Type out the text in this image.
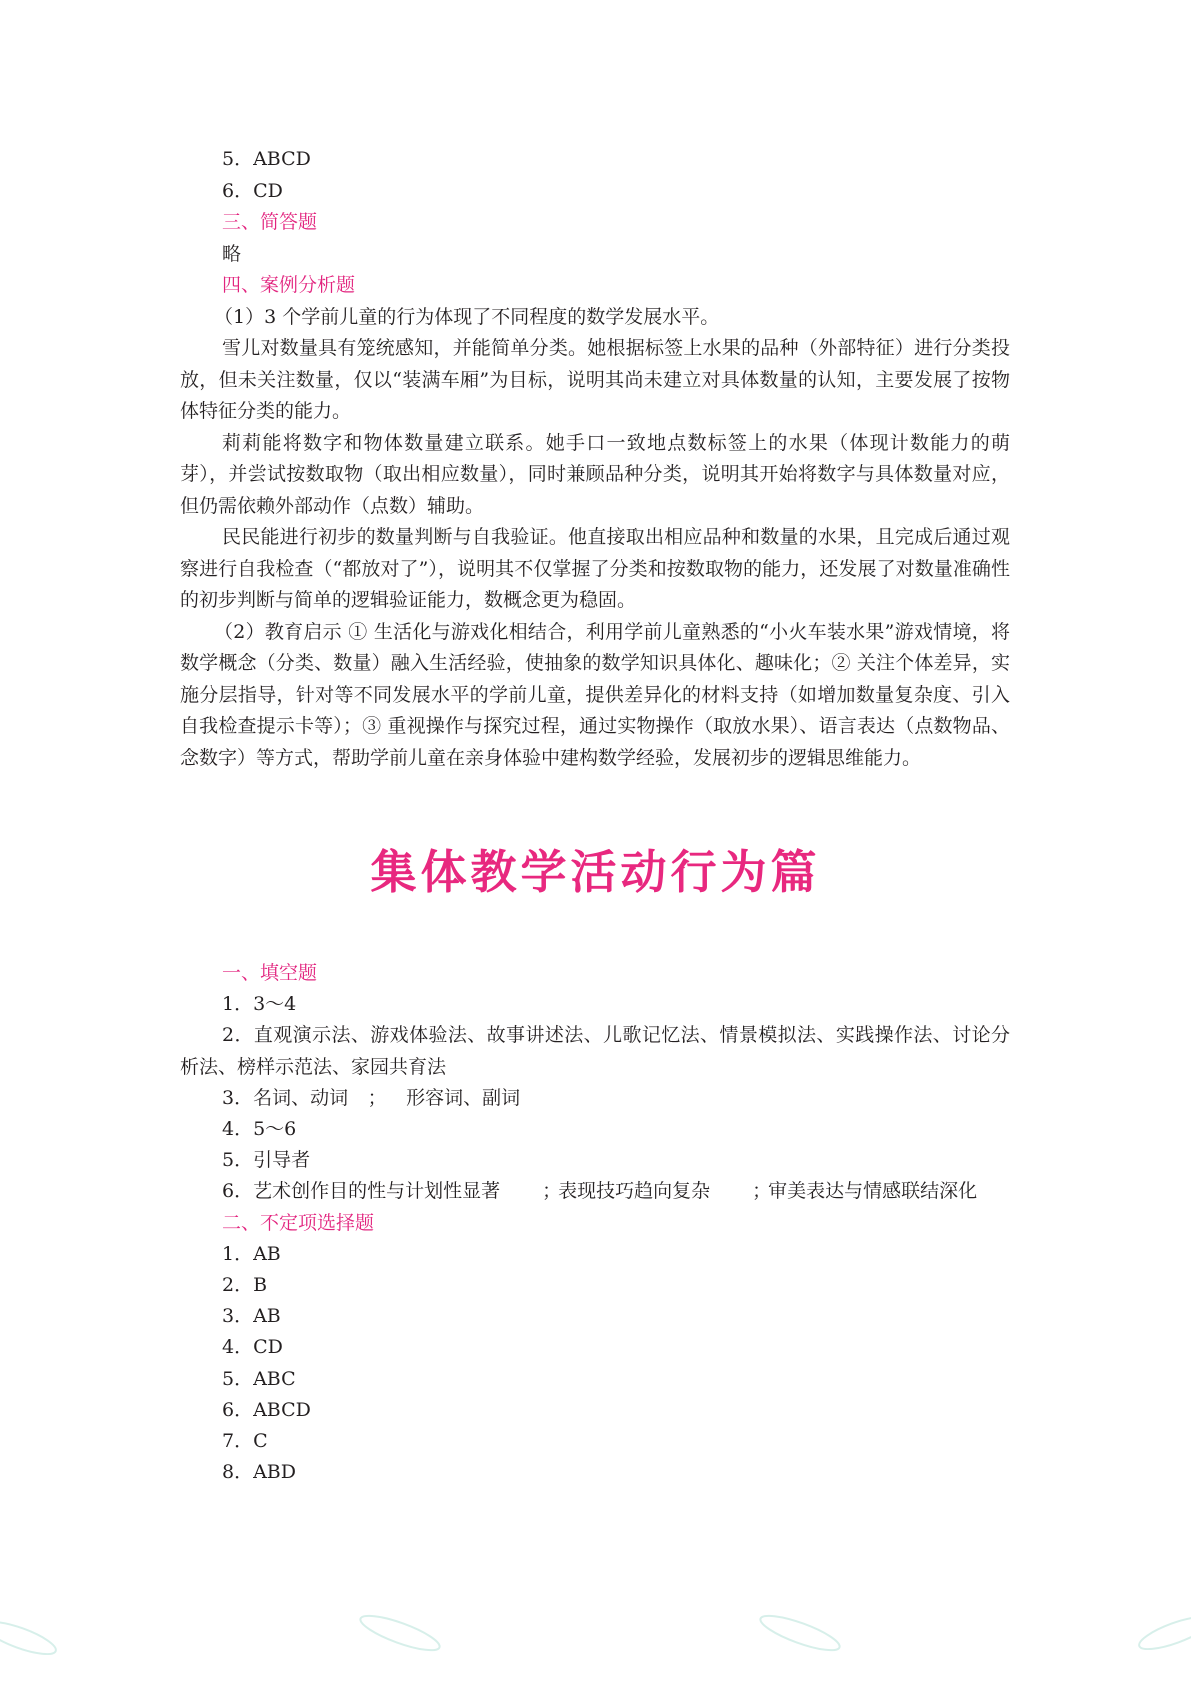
5．ABCD
6．CD
三、简答题
略
四、案例分析题
（1）3 个学前儿童的行为体现了不同程度的数学发展水平。
雪儿对数量具有笼统感知，并能简单分类。她根据标签上水果的品种（外部特征）进行分类投放，但未关注数量，仅以“装满车厢”为目标，说明其尚未建立对具体数量的认知，主要发展了按物体特征分类的能力。
莉莉能将数字和物体数量建立联系。她手口一致地点数标签上的水果（体现计数能力的萌芽），并尝试按数取物（取出相应数量），同时兼顾品种分类，说明其开始将数字与具体数量对应，但仍需依赖外部动作（点数）辅助。
民民能进行初步的数量判断与自我验证。他直接取出相应品种和数量的水果，且完成后通过观察进行自我检查（“都放对了”），说明其不仅掌握了分类和按数取物的能力，还发展了对数量准确性的初步判断与简单的逻辑验证能力，数概念更为稳固。
（2）教育启示 ① 生活化与游戏化相结合，利用学前儿童熟悉的“小火车装水果”游戏情境，将数学概念（分类、数量）融入生活经验，使抽象的数学知识具体化、趣味化；② 关注个体差异，实施分层指导，针对等不同发展水平的学前儿童，提供差异化的材料支持（如增加数量复杂度、引入自我检查提示卡等）；③ 重视操作与探究过程，通过实物操作（取放水果）、语言表达（点数物品、念数字）等方式，帮助学前儿童在亲身体验中建构数学经验，发展初步的逻辑思维能力。
集体教学活动行为篇
一、填空题
1．3～4
2．直观演示法、游戏体验法、故事讲述法、儿歌记忆法、情景模拟法、实践操作法、讨论分析法、榜样示范法、家园共育法
3．名词、动词 ； 形容词、副词
4．5～6
5．引导者
6．艺术创作目的性与计划性显著 ；表现技巧趋向复杂 ；审美表达与情感联结深化
二、不定项选择题
1．AB
2．B
3．AB
4．CD
5．ABC
6．ABCD
7．C
8．ABD
